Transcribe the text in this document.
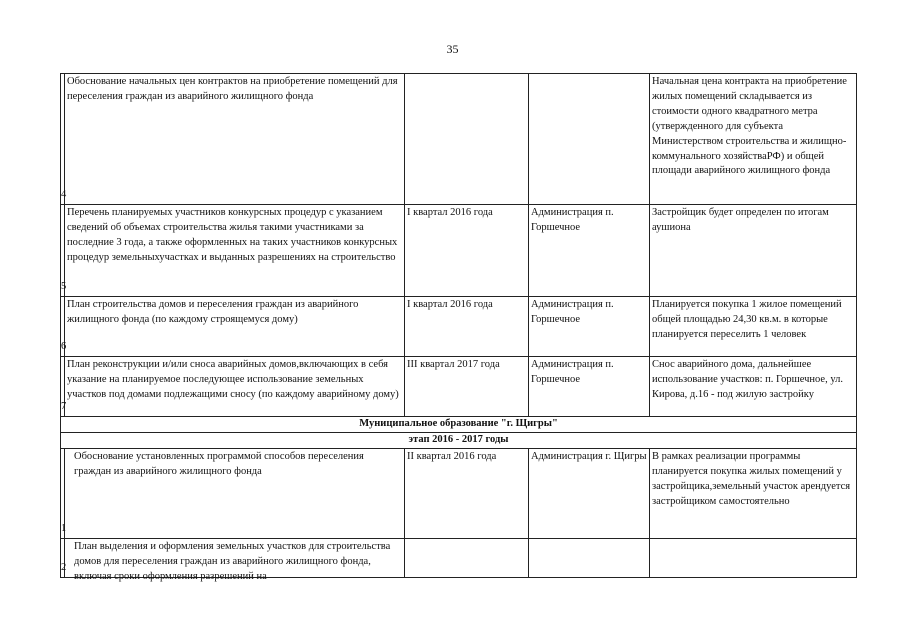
35
4	Обоснование начальных цен контрактов на приобретение помещений для переселения граждан из аварийного жилищного фонда			Начальная цена контракта на приобретение жилых помещений складывается из стоимости одного квадратного метра (утвержденного для субъекта Министерством строительства и жилищно-коммунального хозяйстваРФ) и общей площади аварийного жилищного фонда
5	Перечень планируемых участников конкурсных процедур с указанием сведений об объемах строительства жилья такими участниками за последние 3 года, а также оформленных на таких участников конкурсных процедур земельныхучастках и выданных разрешениях на строительство	I квартал 2016 года	Администрация п. Горшечное	Застройщик будет определен по итогам аушиона
6	План строительства домов и переселения граждан из аварийного жилищного фонда (по каждому строящемуся дому)	I квартал 2016 года	Администрация п. Горшечное	Планируется покупка 1 жилое помещений общей площадью 24,30 кв.м. в которые планируется переселить 1 человек
7	План реконструкции и/или сноса аварийных домов,включающих в себя указание на планируемое последующее использование земельных участков под домами подлежащими сносу (по каждому аварийному дому)	III квартал 2017 года	Администрация п. Горшечное	Снос аварийного дома, дальнейшее использование участков: п. Горшечное, ул. Кирова, д.16 - под жилую застройку
Муниципальное образование "г. Щигры"				
этап 2016 - 2017 годы				
1	Обоснование установленных программой способов переселения граждан из аварийного жилищного фонда	II квартал 2016 года	Администрация г. Щигры	В рамках реализации программы планируется покупка жилых помещений у застройщика,земельный участок арендуется застройщиком самостоятельно
2	План выделения и оформления земельных участков для строительства домов для переселения граждан из аварийного жилищного фонда, включая сроки оформления разрешений на			
